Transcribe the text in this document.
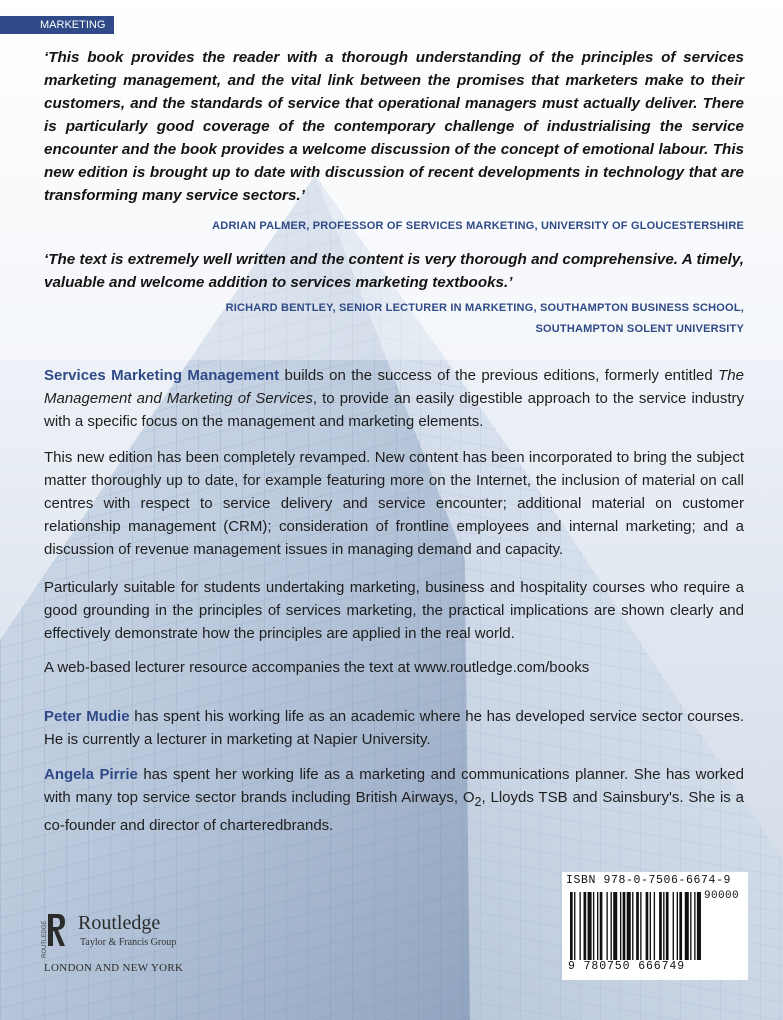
MARKETING

‘This book provides the reader with a thorough understanding of the principles of services marketing management, and the vital link between the promises that marketers make to their customers, and the standards of service that operational managers must actually deliver. There is particularly good coverage of the contemporary challenge of industrialising the service encounter and the book provides a welcome discussion of the concept of emotional labour. This new edition is brought up to date with discussion of recent developments in technology that are transforming many service sectors.’

ADRIAN PALMER, PROFESSOR OF SERVICES MARKETING, UNIVERSITY OF GLOUCESTERSHIRE

‘The text is extremely well written and the content is very thorough and comprehensive. A timely, valuable and welcome addition to services marketing textbooks.’

RICHARD BENTLEY, SENIOR LECTURER IN MARKETING, SOUTHAMPTON BUSINESS SCHOOL,
SOUTHAMPTON SOLENT UNIVERSITY

Services Marketing Management builds on the success of the previous editions, formerly entitled The Management and Marketing of Services, to provide an easily digestible approach to the service industry with a specific focus on the management and marketing elements.

This new edition has been completely revamped. New content has been incorporated to bring the subject matter thoroughly up to date, for example featuring more on the Internet, the inclusion of material on call centres with respect to service delivery and service encounter; additional material on customer relationship management (CRM); consideration of frontline employees and internal marketing; and a discussion of revenue management issues in managing demand and capacity.

Particularly suitable for students undertaking marketing, business and hospitality courses who require a good grounding in the principles of services marketing, the practical implications are shown clearly and effectively demonstrate how the principles are applied in the real world.

A web-based lecturer resource accompanies the text at www.routledge.com/books

Peter Mudie has spent his working life as an academic where he has developed service sector courses. He is currently a lecturer in marketing at Napier University.

Angela Pirrie has spent her working life as a marketing and communications planner. She has worked with many top service sector brands including British Airways, $O_2$, Lloyds TSB and Sainsbury's. She is a co-founder and director of charteredbrands.

ROUTLEDGE Routledge
Taylor & Francis Group
LONDON AND NEW YORK
ISBN 978-0-7506-6674-9
90000
9 780750 666749
